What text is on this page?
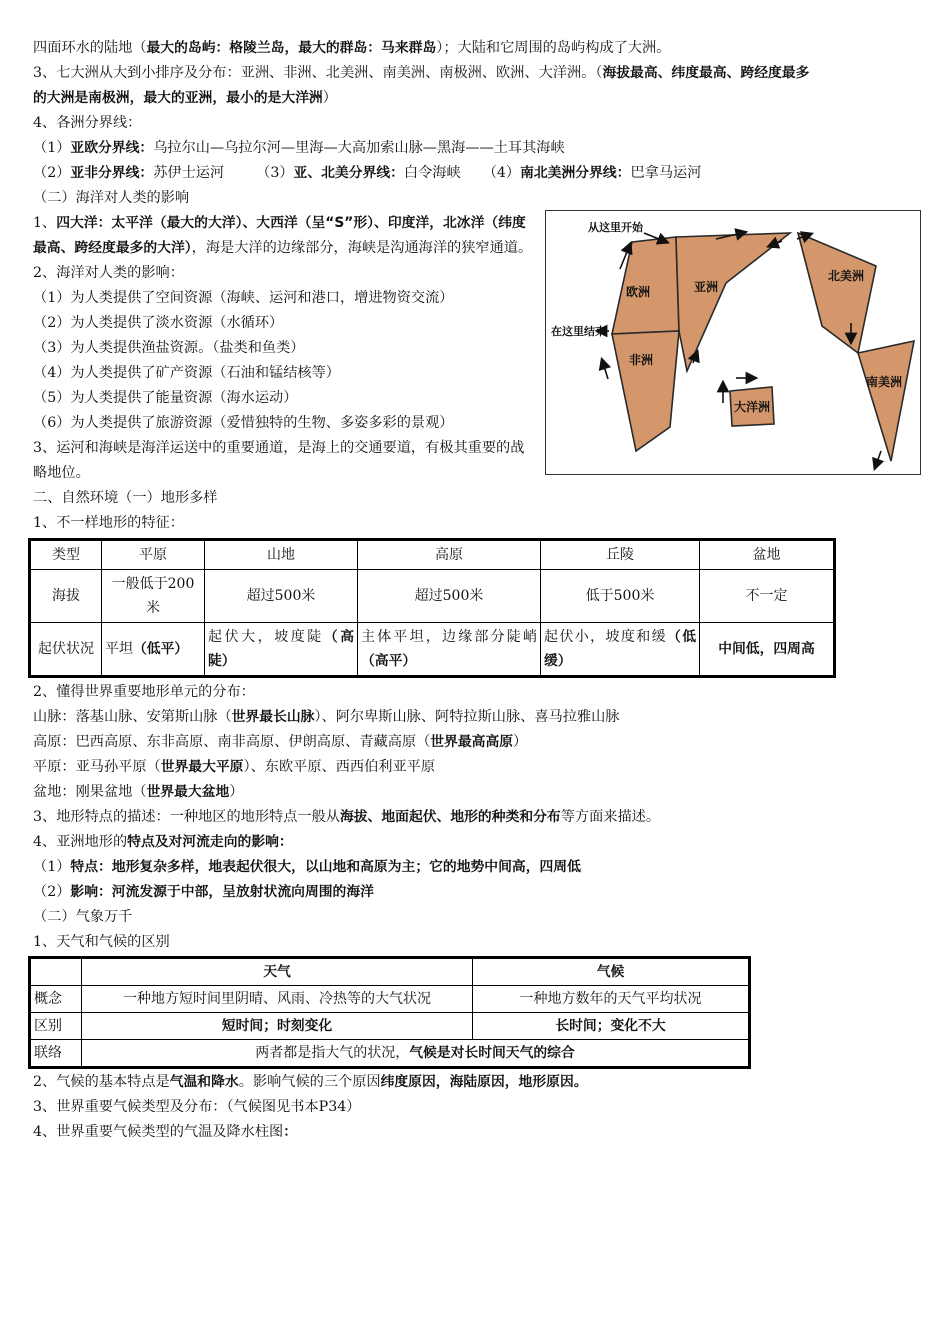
四面环水的陆地（最大的岛屿：格陵兰岛，最大的群岛：马来群岛）；大陆和它周围的岛屿构成了大洲。
3、七大洲从大到小排序及分布：亚洲、非洲、北美洲、南美洲、南极洲、欧洲、大洋洲。（海拔最高、纬度最高、跨经度最多
的大洲是南极洲，最大的亚洲，最小的是大洋洲）
4、各洲分界线：
（1）亚欧分界线：乌拉尔山—乌拉尔河—里海—大高加索山脉—黑海——土耳其海峡
（2）亚非分界线：苏伊士运河 （3）亚、北美分界线：白令海峡 （4）南北美洲分界线：巴拿马运河
（二）海洋对人类的影响
1、四大洋：太平洋（最大的大洋）、大西洋（呈“S”形）、印度洋，北冰洋（纬度最高、跨经度最多的大洋），海是大洋的边缘部分，海峡是沟通海洋的狭窄通道。
2、海洋对人类的影响：
（1）为人类提供了空间资源（海峡、运河和港口，增进物资交流）
（2）为人类提供了淡水资源（水循环）
（3）为人类提供渔盐资源。（盐类和鱼类）
（4）为人类提供了矿产资源（石油和锰结核等）
（5）为人类提供了能量资源（海水运动）
（6）为人类提供了旅游资源（爱惜独特的生物、多姿多彩的景观）
3、运河和海峡是海洋运送中的重要通道，是海上的交通要道，有极其重要的战略地位。
从这里开始
在这里结束
欧洲	亚洲
非洲
北美洲
南美洲
大洋洲
二、自然环境（一）地形多样
1、不一样地形的特征：
类型	平原	山地	高原	丘陵	盆地
海拔	一般低于200米	超过500米	超过500米	低于500米	不一定
起伏状况	平坦（低平）	起伏大，坡度陡（高陡）	主体平坦，边缘部分陡峭（高平）	起伏小，坡度和缓（低缓）	中间低，四周高
2、懂得世界重要地形单元的分布：
山脉：落基山脉、安第斯山脉（世界最长山脉）、阿尔卑斯山脉、阿特拉斯山脉、喜马拉雅山脉
高原：巴西高原、东非高原、南非高原、伊朗高原、青藏高原（世界最高高原）
平原：亚马孙平原（世界最大平原）、东欧平原、西西伯利亚平原
盆地：刚果盆地（世界最大盆地）
3、地形特点的描述：一种地区的地形特点一般从海拔、地面起伏、地形的种类和分布等方面来描述。
4、亚洲地形的特点及对河流走向的影响：
（1）特点：地形复杂多样，地表起伏很大，以山地和高原为主；它的地势中间高，四周低
（2）影响：河流发源于中部，呈放射状流向周围的海洋
（二）气象万千
1、天气和气候的区别
	天气	气候
概念	一种地方短时间里阴晴、风雨、冷热等的大气状况	一种地方数年的天气平均状况
区别	短时间；时刻变化	长时间；变化不大
联络	两者都是指大气的状况，气候是对长时间天气的综合	
2、气候的基本特点是气温和降水。影响气候的三个原因纬度原因，海陆原因，地形原因。
3、世界重要气候类型及分布：（气候图见书本P34）
4、世界重要气候类型的气温及降水柱图：
